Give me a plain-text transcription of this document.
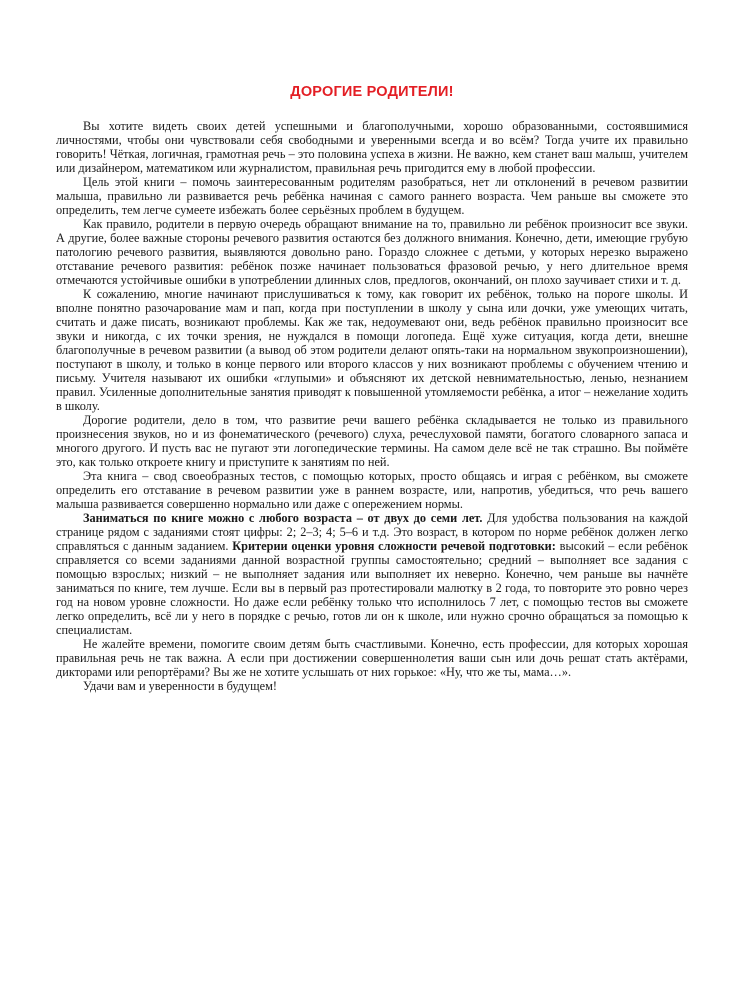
ДОРОГИЕ РОДИТЕЛИ!

Вы хотите видеть своих детей успешными и благополучными, хорошо образованными, состоявшимися личностями, чтобы они чувствовали себя свободными и уверенными всегда и во всём? Тогда учите их правильно говорить! Чёткая, логичная, грамотная речь – это половина успеха в жизни. Не важно, кем станет ваш малыш, учителем или дизайнером, математиком или журналистом, правильная речь пригодится ему в любой профессии.

Цель этой книги – помочь заинтересованным родителям разобраться, нет ли отклонений в речевом развитии малыша, правильно ли развивается речь ребёнка начиная с самого раннего возраста. Чем раньше вы сможете это определить, тем легче сумеете избежать более серьёзных проблем в будущем.

Как правило, родители в первую очередь обращают внимание на то, правильно ли ребёнок произносит все звуки. А другие, более важные стороны речевого развития остаются без должного внимания. Конечно, дети, имеющие грубую патологию речевого развития, выявляются довольно рано. Гораздо сложнее с детьми, у которых нерезко выражено отставание речевого развития: ребёнок позже начинает пользоваться фразовой речью, у него длительное время отмечаются устойчивые ошибки в употреблении длинных слов, предлогов, окончаний, он плохо заучивает стихи и т. д.

К сожалению, многие начинают прислушиваться к тому, как говорит их ребёнок, только на пороге школы. И вполне понятно разочарование мам и пап, когда при поступлении в школу у сына или дочки, уже умеющих читать, считать и даже писать, возникают проблемы. Как же так, недоумевают они, ведь ребёнок правильно произносит все звуки и никогда, с их точки зрения, не нуждался в помощи логопеда. Ещё хуже ситуация, когда дети, внешне благополучные в речевом развитии (а вывод об этом родители делают опять-таки на нормальном звукопроизношении), поступают в школу, и только в конце первого или второго классов у них возникают проблемы с обучением чтению и письму. Учителя называют их ошибки «глупыми» и объясняют их детской невнимательностью, ленью, незнанием правил. Усиленные дополнительные занятия приводят к повышенной утомляемости ребёнка, а итог – нежелание ходить в школу.

Дорогие родители, дело в том, что развитие речи вашего ребёнка складывается не только из правильного произнесения звуков, но и из фонематического (речевого) слуха, речеслуховой памяти, богатого словарного запаса и многого другого. И пусть вас не пугают эти логопедические термины. На самом деле всё не так страшно. Вы поймёте это, как только откроете книгу и приступите к занятиям по ней.

Эта книга – свод своеобразных тестов, с помощью которых, просто общаясь и играя с ребёнком, вы сможете определить его отставание в речевом развитии уже в раннем возрасте, или, напротив, убедиться, что речь вашего малыша развивается совершенно нормально или даже с опережением нормы.

Заниматься по книге можно с любого возраста – от двух до семи лет. Для удобства пользования на каждой странице рядом с заданиями стоят цифры: 2; 2–3; 4; 5–6 и т.д. Это возраст, в котором по норме ребёнок должен легко справляться с данным заданием. Критерии оценки уровня сложности речевой подготовки: высокий – если ребёнок справляется со всеми заданиями данной возрастной группы самостоятельно; средний – выполняет все задания с помощью взрослых; низкий – не выполняет задания или выполняет их неверно. Конечно, чем раньше вы начнёте заниматься по книге, тем лучше. Если вы в первый раз протестировали малютку в 2 года, то повторите это ровно через год на новом уровне сложности. Но даже если ребёнку только что исполнилось 7 лет, с помощью тестов вы сможете легко определить, всё ли у него в порядке с речью, готов ли он к школе, или нужно срочно обращаться за помощью к специалистам.

Не жалейте времени, помогите своим детям быть счастливыми. Конечно, есть профессии, для которых хорошая правильная речь не так важна. А если при достижении совершеннолетия ваши сын или дочь решат стать актёрами, дикторами или репортёрами? Вы же не хотите услышать от них горькое: «Ну, что же ты, мама…».

Удачи вам и уверенности в будущем!
